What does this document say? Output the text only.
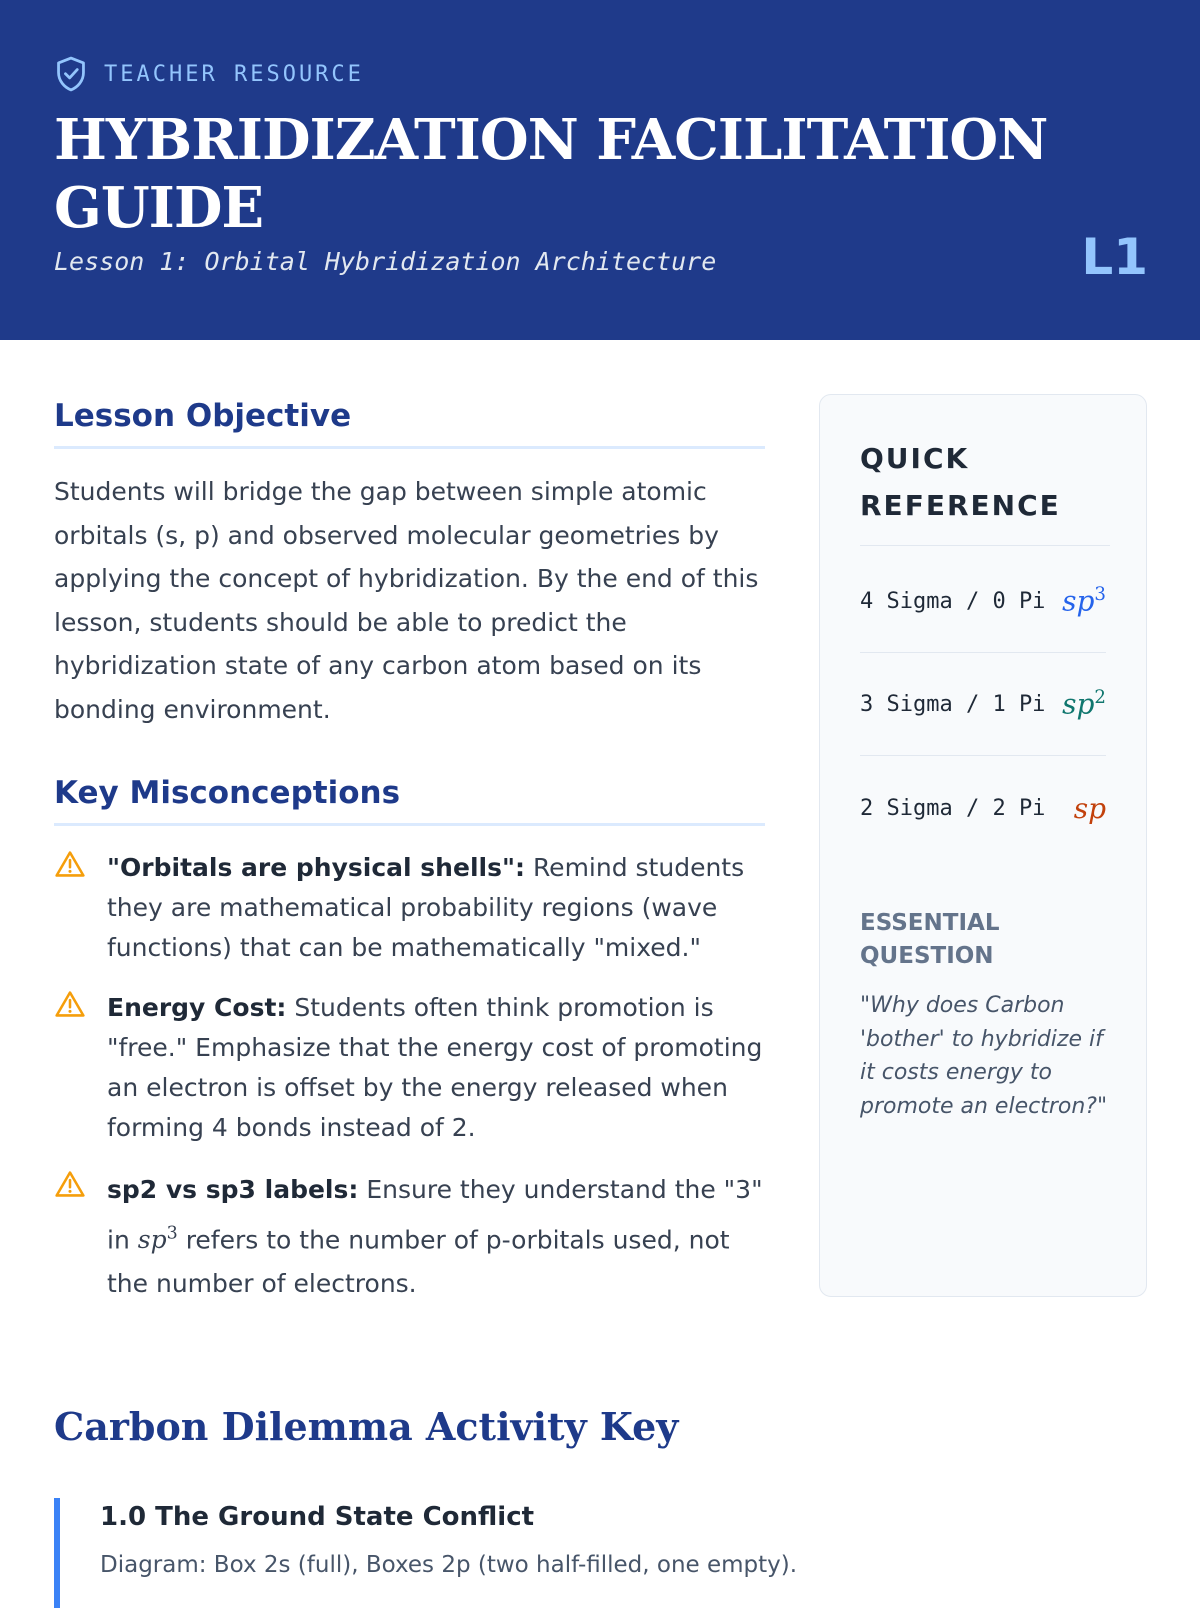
TEACHER RESOURCE
HYBRIDIZATION FACILITATION GUIDE
Lesson 1: Orbital Hybridization Architecture	L1
Lesson Objective

Students will bridge the gap between simple atomic orbitals (s, p) and observed molecular geometries by applying the concept of hybridization. By the end of this lesson, students should be able to predict the hybridization state of any carbon atom based on its bonding environment.

Key Misconceptions
"Orbitals are physical shells": Remind students they are mathematical probability regions (wave functions) that can be mathematically "mixed."
Energy Cost: Students often think promotion is "free." Emphasize that the energy cost of promoting an electron is offset by the energy released when forming 4 bonds instead of 2.
sp2 vs sp3 labels: Ensure they understand the "3" in $sp^3$ refers to the number of p-orbitals used, not the number of electrons.
QUICK REFERENCE
4 Sigma / 0 Pi $sp^3$
3 Sigma / 1 Pi $sp^2$
2 Sigma / 2 Pi sp

ESSENTIAL QUESTION

"Why does Carbon 'bother' to hybridize if it costs energy to promote an electron?"

Carbon Dilemma Activity Key
1.0 The Ground State Conflict

Diagram: Box 2s (full), Boxes 2p (two half-filled, one empty).
